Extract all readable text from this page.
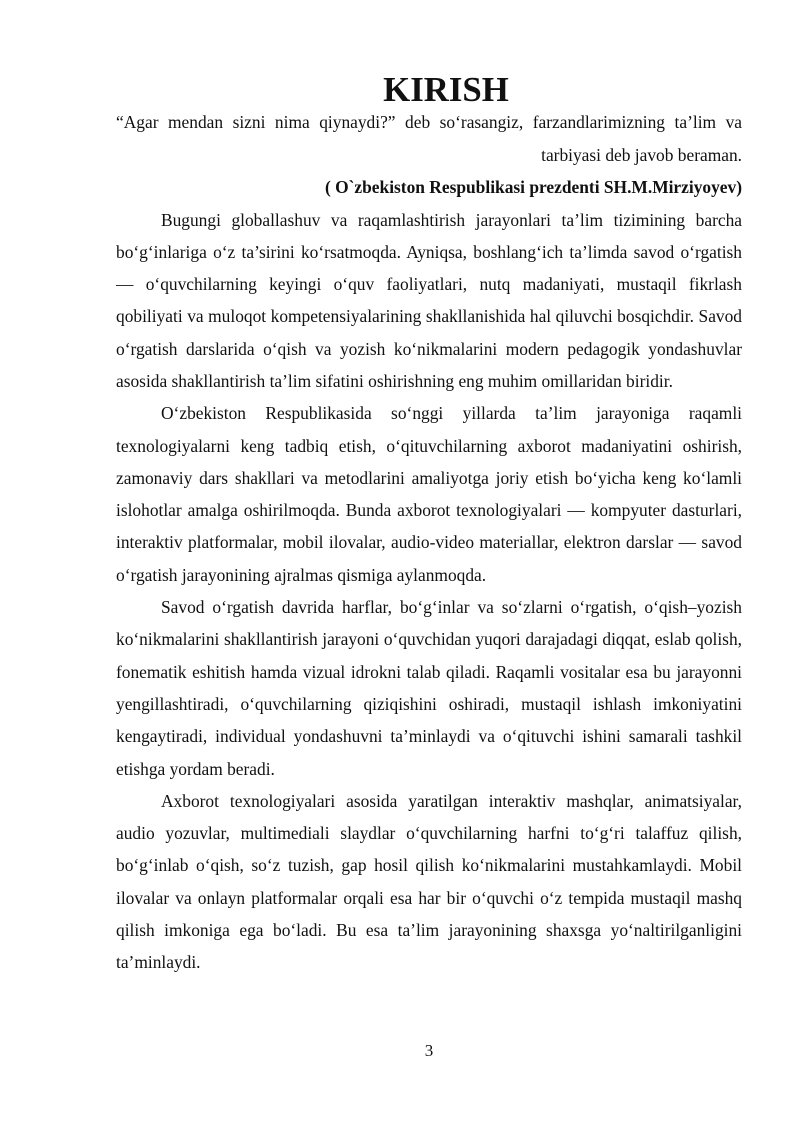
KIRISH

“Agar mendan sizni nima qiynaydi?” deb so‘rasangiz, farzandlarimizning ta’lim va tarbiyasi deb javob beraman.

( O`zbekiston Respublikasi prezdenti SH.M.Mirziyoyev)

Bugungi globallashuv va raqamlashtirish jarayonlari ta’lim tizimining barcha bo‘g‘inlariga o‘z ta’sirini ko‘rsatmoqda. Ayniqsa, boshlang‘ich ta’limda savod o‘rgatish — o‘quvchilarning keyingi o‘quv faoliyatlari, nutq madaniyati, mustaqil fikrlash qobiliyati va muloqot kompetensiyalarining shakllanishida hal qiluvchi bosqichdir. Savod o‘rgatish darslarida o‘qish va yozish ko‘nikmalarini modern pedagogik yondashuvlar asosida shakllantirish ta’lim sifatini oshirishning eng muhim omillaridan biridir.

O‘zbekiston Respublikasida so‘nggi yillarda ta’lim jarayoniga raqamli texnologiyalarni keng tadbiq etish, o‘qituvchilarning axborot madaniyatini oshirish, zamonaviy dars shakllari va metodlarini amaliyotga joriy etish bo‘yicha keng ko‘lamli islohotlar amalga oshirilmoqda. Bunda axborot texnologiyalari — kompyuter dasturlari, interaktiv platformalar, mobil ilovalar, audio-video materiallar, elektron darslar — savod o‘rgatish jarayonining ajralmas qismiga aylanmoqda.

Savod o‘rgatish davrida harflar, bo‘g‘inlar va so‘zlarni o‘rgatish, o‘qish–yozish ko‘nikmalarini shakllantirish jarayoni o‘quvchidan yuqori darajadagi diqqat, eslab qolish, fonematik eshitish hamda vizual idrokni talab qiladi. Raqamli vositalar esa bu jarayonni yengillashtiradi, o‘quvchilarning qiziqishini oshiradi, mustaqil ishlash imkoniyatini kengaytiradi, individual yondashuvni ta’minlaydi va o‘qituvchi ishini samarali tashkil etishga yordam beradi.

Axborot texnologiyalari asosida yaratilgan interaktiv mashqlar, animatsiyalar, audio yozuvlar, multimediali slaydlar o‘quvchilarning harfni to‘g‘ri talaffuz qilish, bo‘g‘inlab o‘qish, so‘z tuzish, gap hosil qilish ko‘nikmalarini mustahkamlaydi. Mobil ilovalar va onlayn platformalar orqali esa har bir o‘quvchi o‘z tempida mustaqil mashq qilish imkoniga ega bo‘ladi. Bu esa ta’lim jarayonining shaxsga yo‘naltirilganligini ta’minlaydi.

3
